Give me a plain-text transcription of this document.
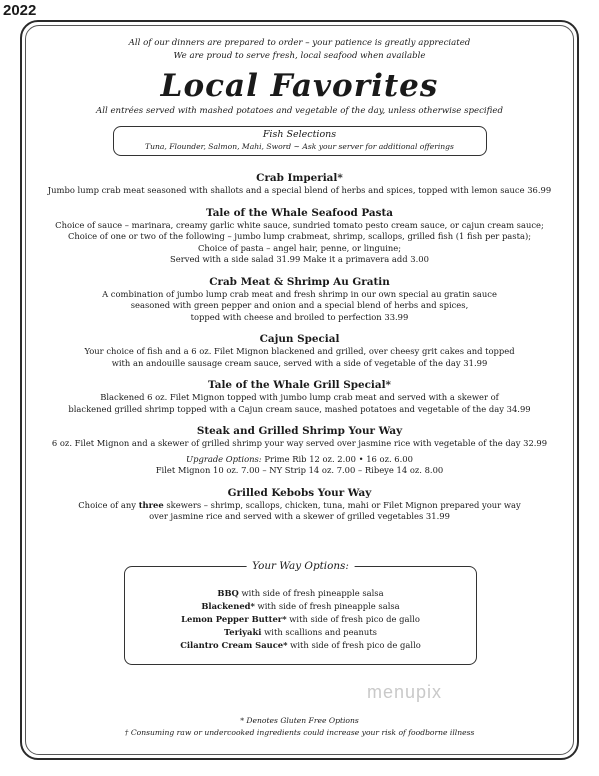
2022
All of our dinners are prepared to order – your patience is greatly appreciated
We are proud to serve fresh, local seafood when available
Local Favorites
All entrées served with mashed potatoes and vegetable of the day, unless otherwise specified
Fish Selections
Tuna, Flounder, Salmon, Mahi, Sword ~ Ask your server for additional offerings
Crab Imperial*

Jumbo lump crab meat seasoned with shallots and a special blend of herbs and spices, topped with lemon sauce 36.99

Tale of the Whale Seafood Pasta

Choice of sauce – marinara, creamy garlic white sauce, sundried tomato pesto cream sauce, or cajun cream sauce;

Choice of one or two of the following – jumbo lump crabmeat, shrimp, scallops, grilled fish (1 fish per pasta);

Choice of pasta – angel hair, penne, or linguine;

Served with a side salad 31.99 Make it a primavera add 3.00

Crab Meat & Shrimp Au Gratin

A combination of jumbo lump crab meat and fresh shrimp in our own special au gratin sauce

seasoned with green pepper and onion and a special blend of herbs and spices,

topped with cheese and broiled to perfection 33.99

Cajun Special

Your choice of fish and a 6 oz. Filet Mignon blackened and grilled, over cheesy grit cakes and topped

with an andouille sausage cream sauce, served with a side of vegetable of the day 31.99

Tale of the Whale Grill Special*

Blackened 6 oz. Filet Mignon topped with jumbo lump crab meat and served with a skewer of

blackened grilled shrimp topped with a Cajun cream sauce, mashed potatoes and vegetable of the day 34.99

Steak and Grilled Shrimp Your Way

6 oz. Filet Mignon and a skewer of grilled shrimp your way served over jasmine rice with vegetable of the day 32.99

Upgrade Options: Prime Rib 12 oz. 2.00 • 16 oz. 6.00
Filet Mignon 10 oz. 7.00 – NY Strip 14 oz. 7.00 – Ribeye 14 oz. 8.00
Grilled Kebobs Your Way

Choice of any three skewers – shrimp, scallops, chicken, tuna, mahi or Filet Mignon prepared your way

over jasmine rice and served with a skewer of grilled vegetables 31.99

Your Way Options:
BBQ with side of fresh pineapple salsa
Blackened* with side of fresh pineapple salsa
Lemon Pepper Butter* with side of fresh pico de gallo
Teriyaki with scallions and peanuts
Cilantro Cream Sauce* with side of fresh pico de gallo
menupix
* Denotes Gluten Free Options
† Consuming raw or undercooked ingredients could increase your risk of foodborne illness
